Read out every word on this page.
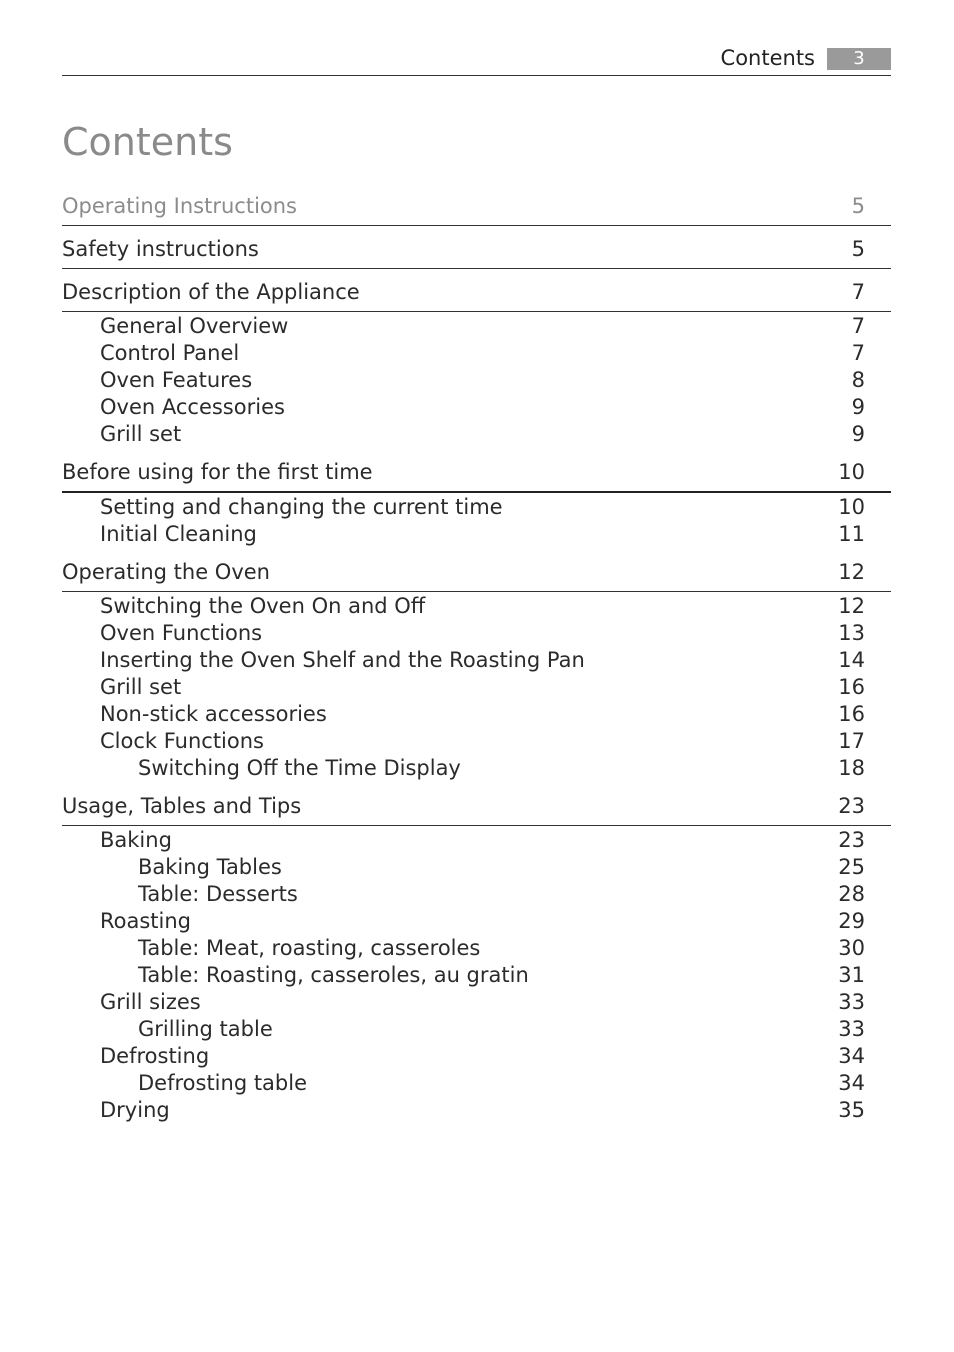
Contents	3
Contents
Operating Instructions	5
Safety instructions	5
Description of the Appliance	7
General Overview	7
Control Panel	7
Oven Features	8
Oven Accessories	9
Grill set	9
Before using for the first time	10
Setting and changing the current time	10
Initial Cleaning	11
Operating the Oven	12
Switching the Oven On and Off	12
Oven Functions	13
Inserting the Oven Shelf and the Roasting Pan	14
Grill set	16
Non-stick accessories	16
Clock Functions	17
Switching Off the Time Display	18
Usage, Tables and Tips	23
Baking	23
Baking Tables	25
Table: Desserts	28
Roasting	29
Table: Meat, roasting, casseroles	30
Table: Roasting, casseroles, au gratin	31
Grill sizes	33
Grilling table	33
Defrosting	34
Defrosting table	34
Drying	35
